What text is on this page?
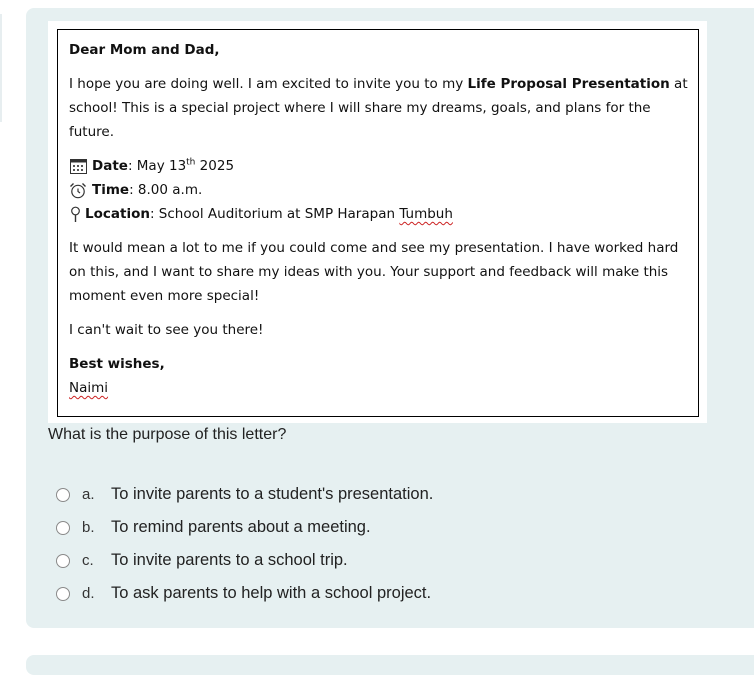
Dear Mom and Dad,

I hope you are doing well. I am excited to invite you to my Life Proposal Presentation at school! This is a special project where I will share my dreams, goals, and plans for the future.

Date: May 13th 2025
Time: 8.00 a.m.
Location: School Auditorium at SMP Harapan Tumbuh

It would mean a lot to me if you could come and see my presentation. I have worked hard on this, and I want to share my ideas with you. Your support and feedback will make this moment even more special!

I can't wait to see you there!

Best wishes,

Naimi

What is the purpose of this letter?
a. To invite parents to a student's presentation.
b. To remind parents about a meeting.
c.	To invite parents to a school trip.
d. To ask parents to help with a school project.
